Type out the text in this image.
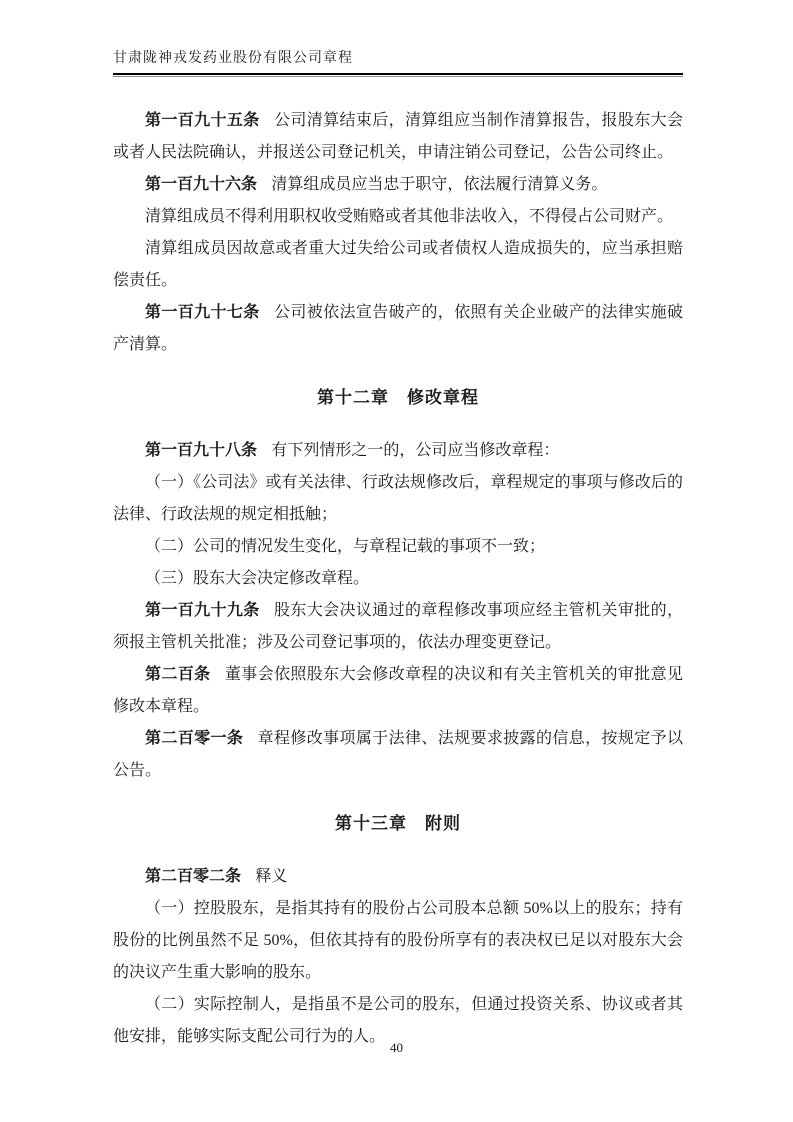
甘肃陇神戎发药业股份有限公司章程

第一百九十五条 公司清算结束后，清算组应当制作清算报告，报股东大会或者人民法院确认，并报送公司登记机关，申请注销公司登记，公告公司终止。

第一百九十六条 清算组成员应当忠于职守，依法履行清算义务。

清算组成员不得利用职权收受贿赂或者其他非法收入，不得侵占公司财产。

清算组成员因故意或者重大过失给公司或者债权人造成损失的，应当承担赔偿责任。

第一百九十七条 公司被依法宣告破产的，依照有关企业破产的法律实施破产清算。

第十二章　修改章程

第一百九十八条 有下列情形之一的，公司应当修改章程：

（一）《公司法》或有关法律、行政法规修改后，章程规定的事项与修改后的法律、行政法规的规定相抵触；

（二）公司的情况发生变化，与章程记载的事项不一致；

（三）股东大会决定修改章程。

第一百九十九条 股东大会决议通过的章程修改事项应经主管机关审批的，须报主管机关批准；涉及公司登记事项的，依法办理变更登记。

第二百条 董事会依照股东大会修改章程的决议和有关主管机关的审批意见修改本章程。

第二百零一条 章程修改事项属于法律、法规要求披露的信息，按规定予以公告。

第十三章　附则

第二百零二条 释义

（一）控股股东，是指其持有的股份占公司股本总额 50%以上的股东；持有股份的比例虽然不足 50%，但依其持有的股份所享有的表决权已足以对股东大会的决议产生重大影响的股东。

（二）实际控制人，是指虽不是公司的股东，但通过投资关系、协议或者其他安排，能够实际支配公司行为的人。

40
